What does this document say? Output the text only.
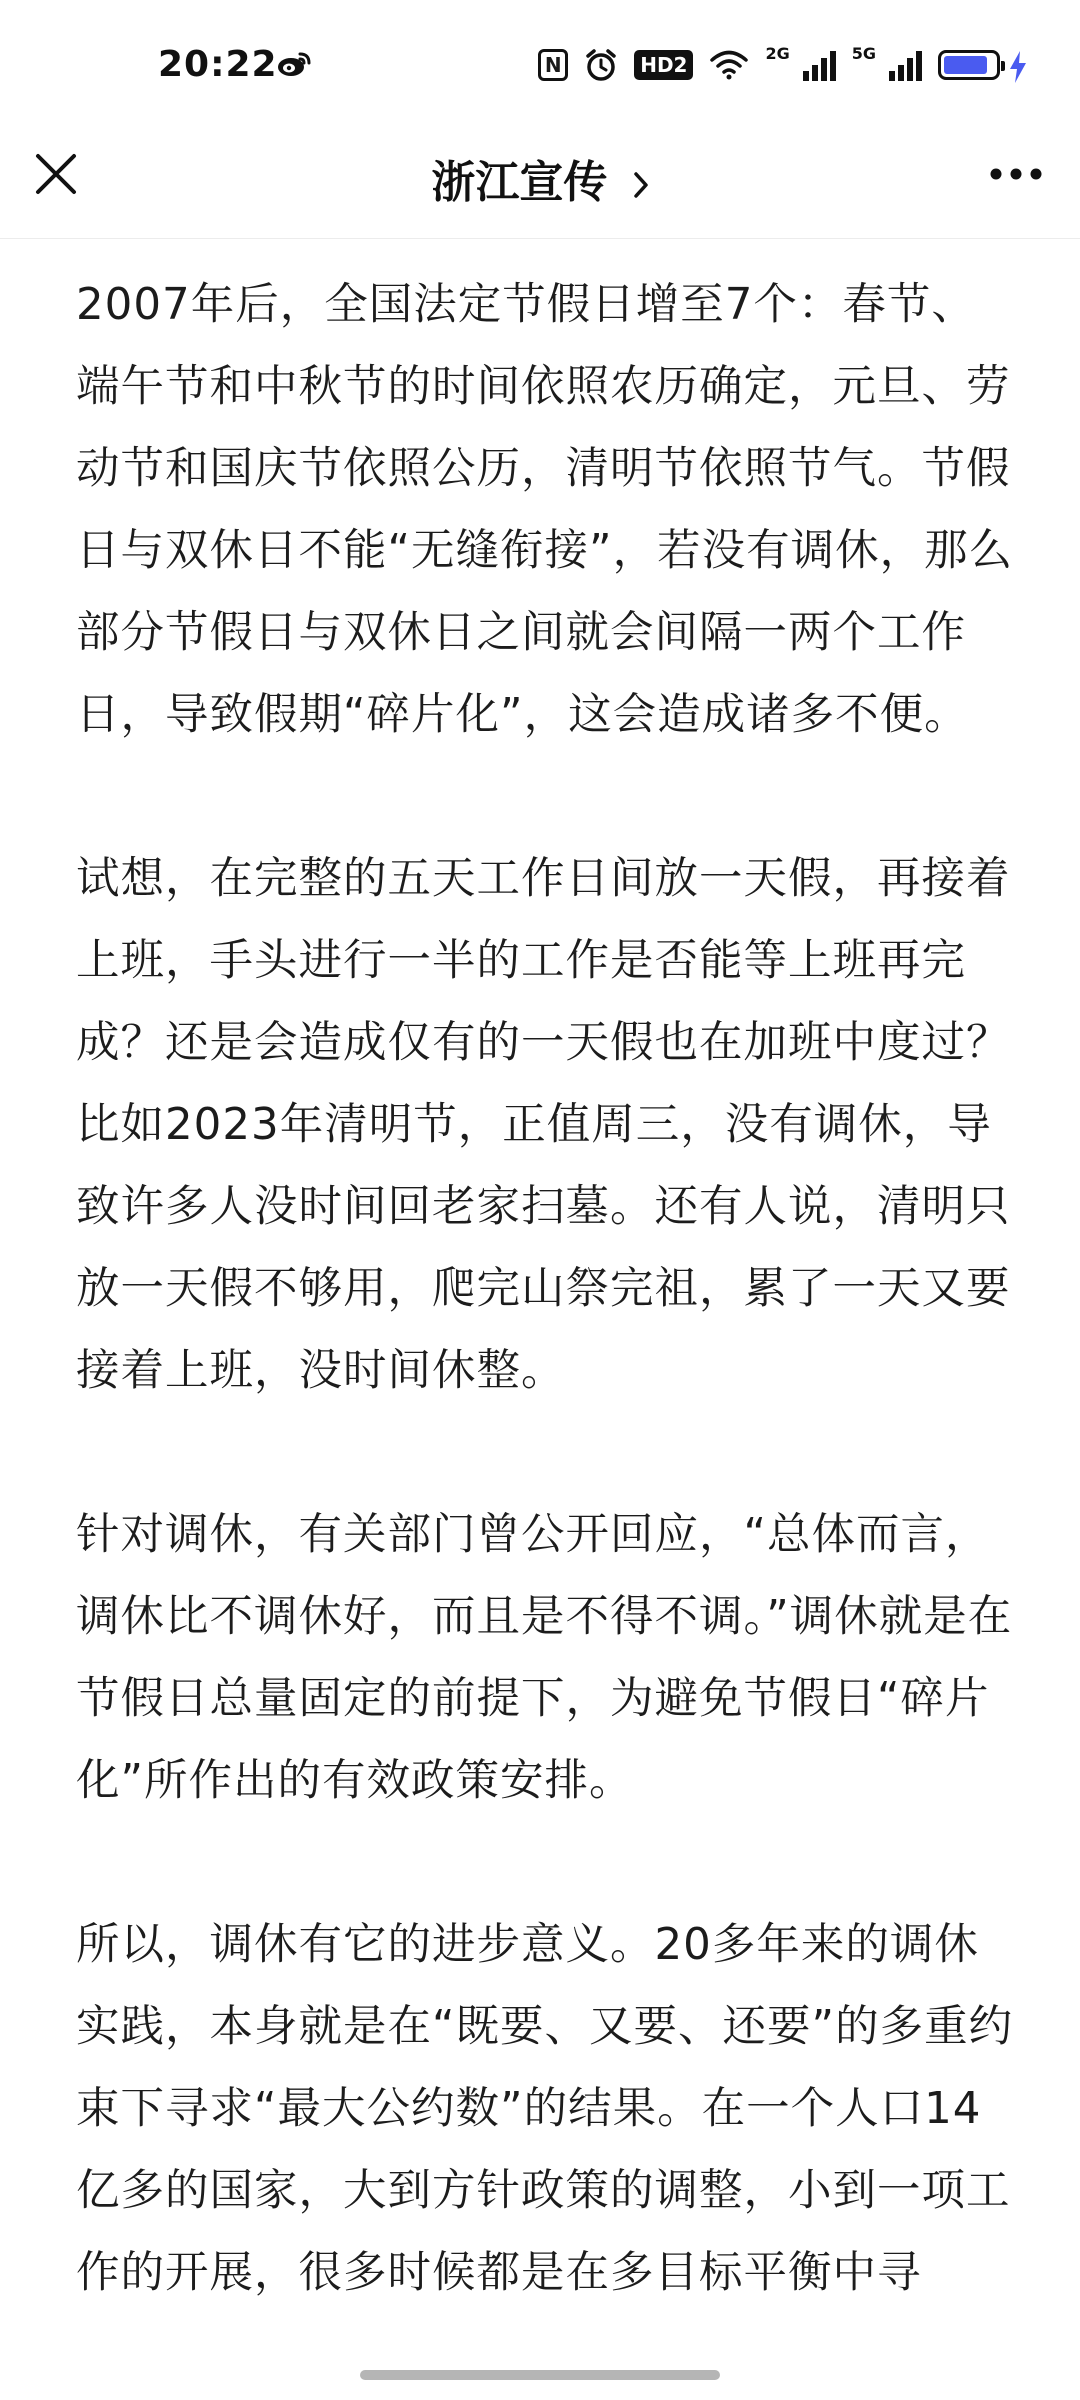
20:22	N	HD2	2G	5G
浙江宣传

2007年后，全国法定节假日增至7个：春节、端午节和中秋节的时间依照农历确定，元旦、劳动节和国庆节依照公历，清明节依照节气。节假日与双休日不能“无缝衔接”，若没有调休，那么部分节假日与双休日之间就会间隔一两个工作日，导致假期“碎片化”，这会造成诸多不便。

试想，在完整的五天工作日间放一天假，再接着上班，手头进行一半的工作是否能等上班再完成？还是会造成仅有的一天假也在加班中度过？比如2023年清明节，正值周三，没有调休，导致许多人没时间回老家扫墓。还有人说，清明只放一天假不够用，爬完山祭完祖，累了一天又要接着上班，没时间休整。

针对调休，有关部门曾公开回应，“总体而言，调休比不调休好，而且是不得不调。”调休就是在节假日总量固定的前提下，为避免节假日“碎片化”所作出的有效政策安排。

所以，调休有它的进步意义。20多年来的调休实践，本身就是在“既要、又要、还要”的多重约束下寻求“最大公约数”的结果。在一个人口14亿多的国家，大到方针政策的调整，小到一项工作的开展，很多时候都是在多目标平衡中寻
